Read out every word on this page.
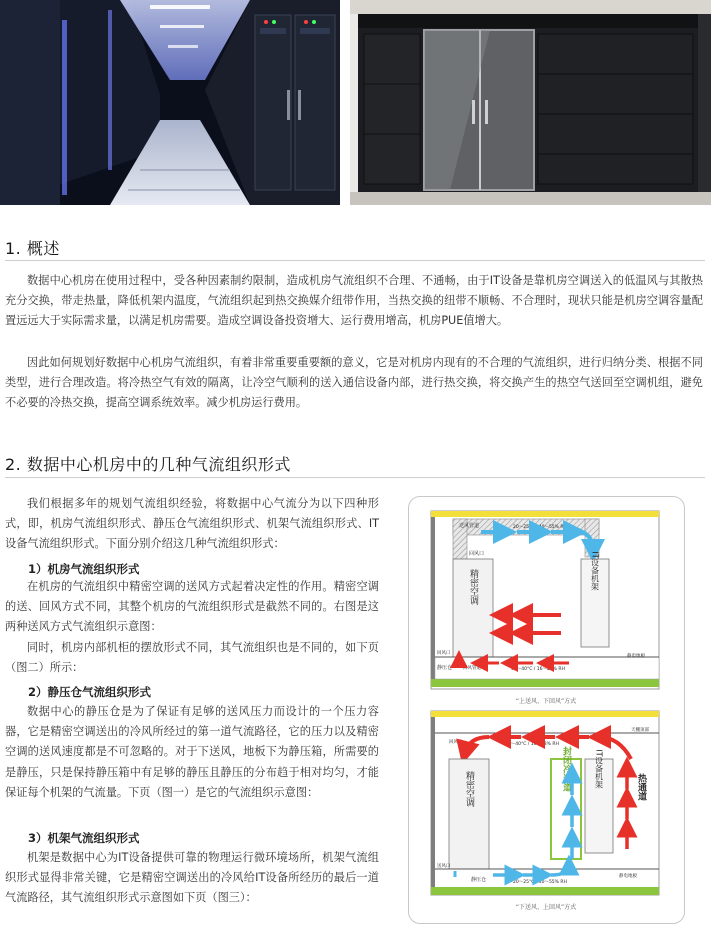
1. 概述

数据中心机房在使用过程中，受各种因素制约限制，造成机房气流组织不合理、不通畅，由于IT设备是靠机房空调送入的低温风与其散热充分交换，带走热量，降低机架内温度，气流组织起到热交换媒介纽带作用，当热交换的纽带不顺畅、不合理时，现状只能是机房空调容量配置远远大于实际需求量，以满足机房需要。造成空调设备投资增大、运行费用增高，机房PUE值增大。

因此如何规划好数据中心机房气流组织，有着非常重要重要额的意义，它是对机房内现有的不合理的气流组织，进行归纳分类、根据不同类型，进行合理改造。将冷热空气有效的隔离，让冷空气顺利的送入通信设备内部，进行热交换，将交换产生的热空气送回至空调机组，避免不必要的冷热交换，提高空调系统效率。减少机房运行费用。

2. 数据中心机房中的几种气流组织形式

我们根据多年的规划气流组织经验，将数据中心气流分为以下四种形式，即，机房气流组织形式、静压仓气流组织形式、机架气流组织形式、IT设备气流组织形式。下面分别介绍这几种气流组织形式：

1）机房气流组织形式

在机房的气流组织中精密空调的送风方式起着决定性的作用。精密空调的送、回风方式不同，其整个机房的气流组织形式是截然不同的。右图是这两种送风方式气流组织示意图：

同时，机房内部机柜的摆放形式不同，其气流组织也是不同的，如下页（图二）所示：

2）静压仓气流组织形式

数据中心的静压仓是为了保证有足够的送风压力而设计的一个压力容器，它是精密空调送出的冷风所经过的第一道气流路径，它的压力以及精密空调的送风速度都是不可忽略的。对于下送风，地板下为静压箱，所需要的是静压，只是保持静压箱中有足够的静压且静压的分布趋于相对均匀，才能保证每个机架的气流量。下页（图一）是它的气流组织示意图：

3）机架气流组织形式

机架是数据中心为IT设备提供可靠的物理运行微环境场所，机架气流组织形式显得非常关键，它是精密空调送出的冷风给IT设备所经历的最后一道气流路径，其气流组织形式示意图如下页（图三）：

送风管道	20～25°C / 40～55% RH
回风口
精密空调	IT设备机架
回风口
静压仓 回风管道	35～40°C / 16～23% RH
静电地板
“上送风、下回风”方式
回风口	35～40°C / 16～23% RH
天棚顶部
精密空调	封闭冷通道	IT设备机架	热通道
送风口
静压仓	20～25°C / 40～55% RH
静电地板
“下送风、上回风”方式
